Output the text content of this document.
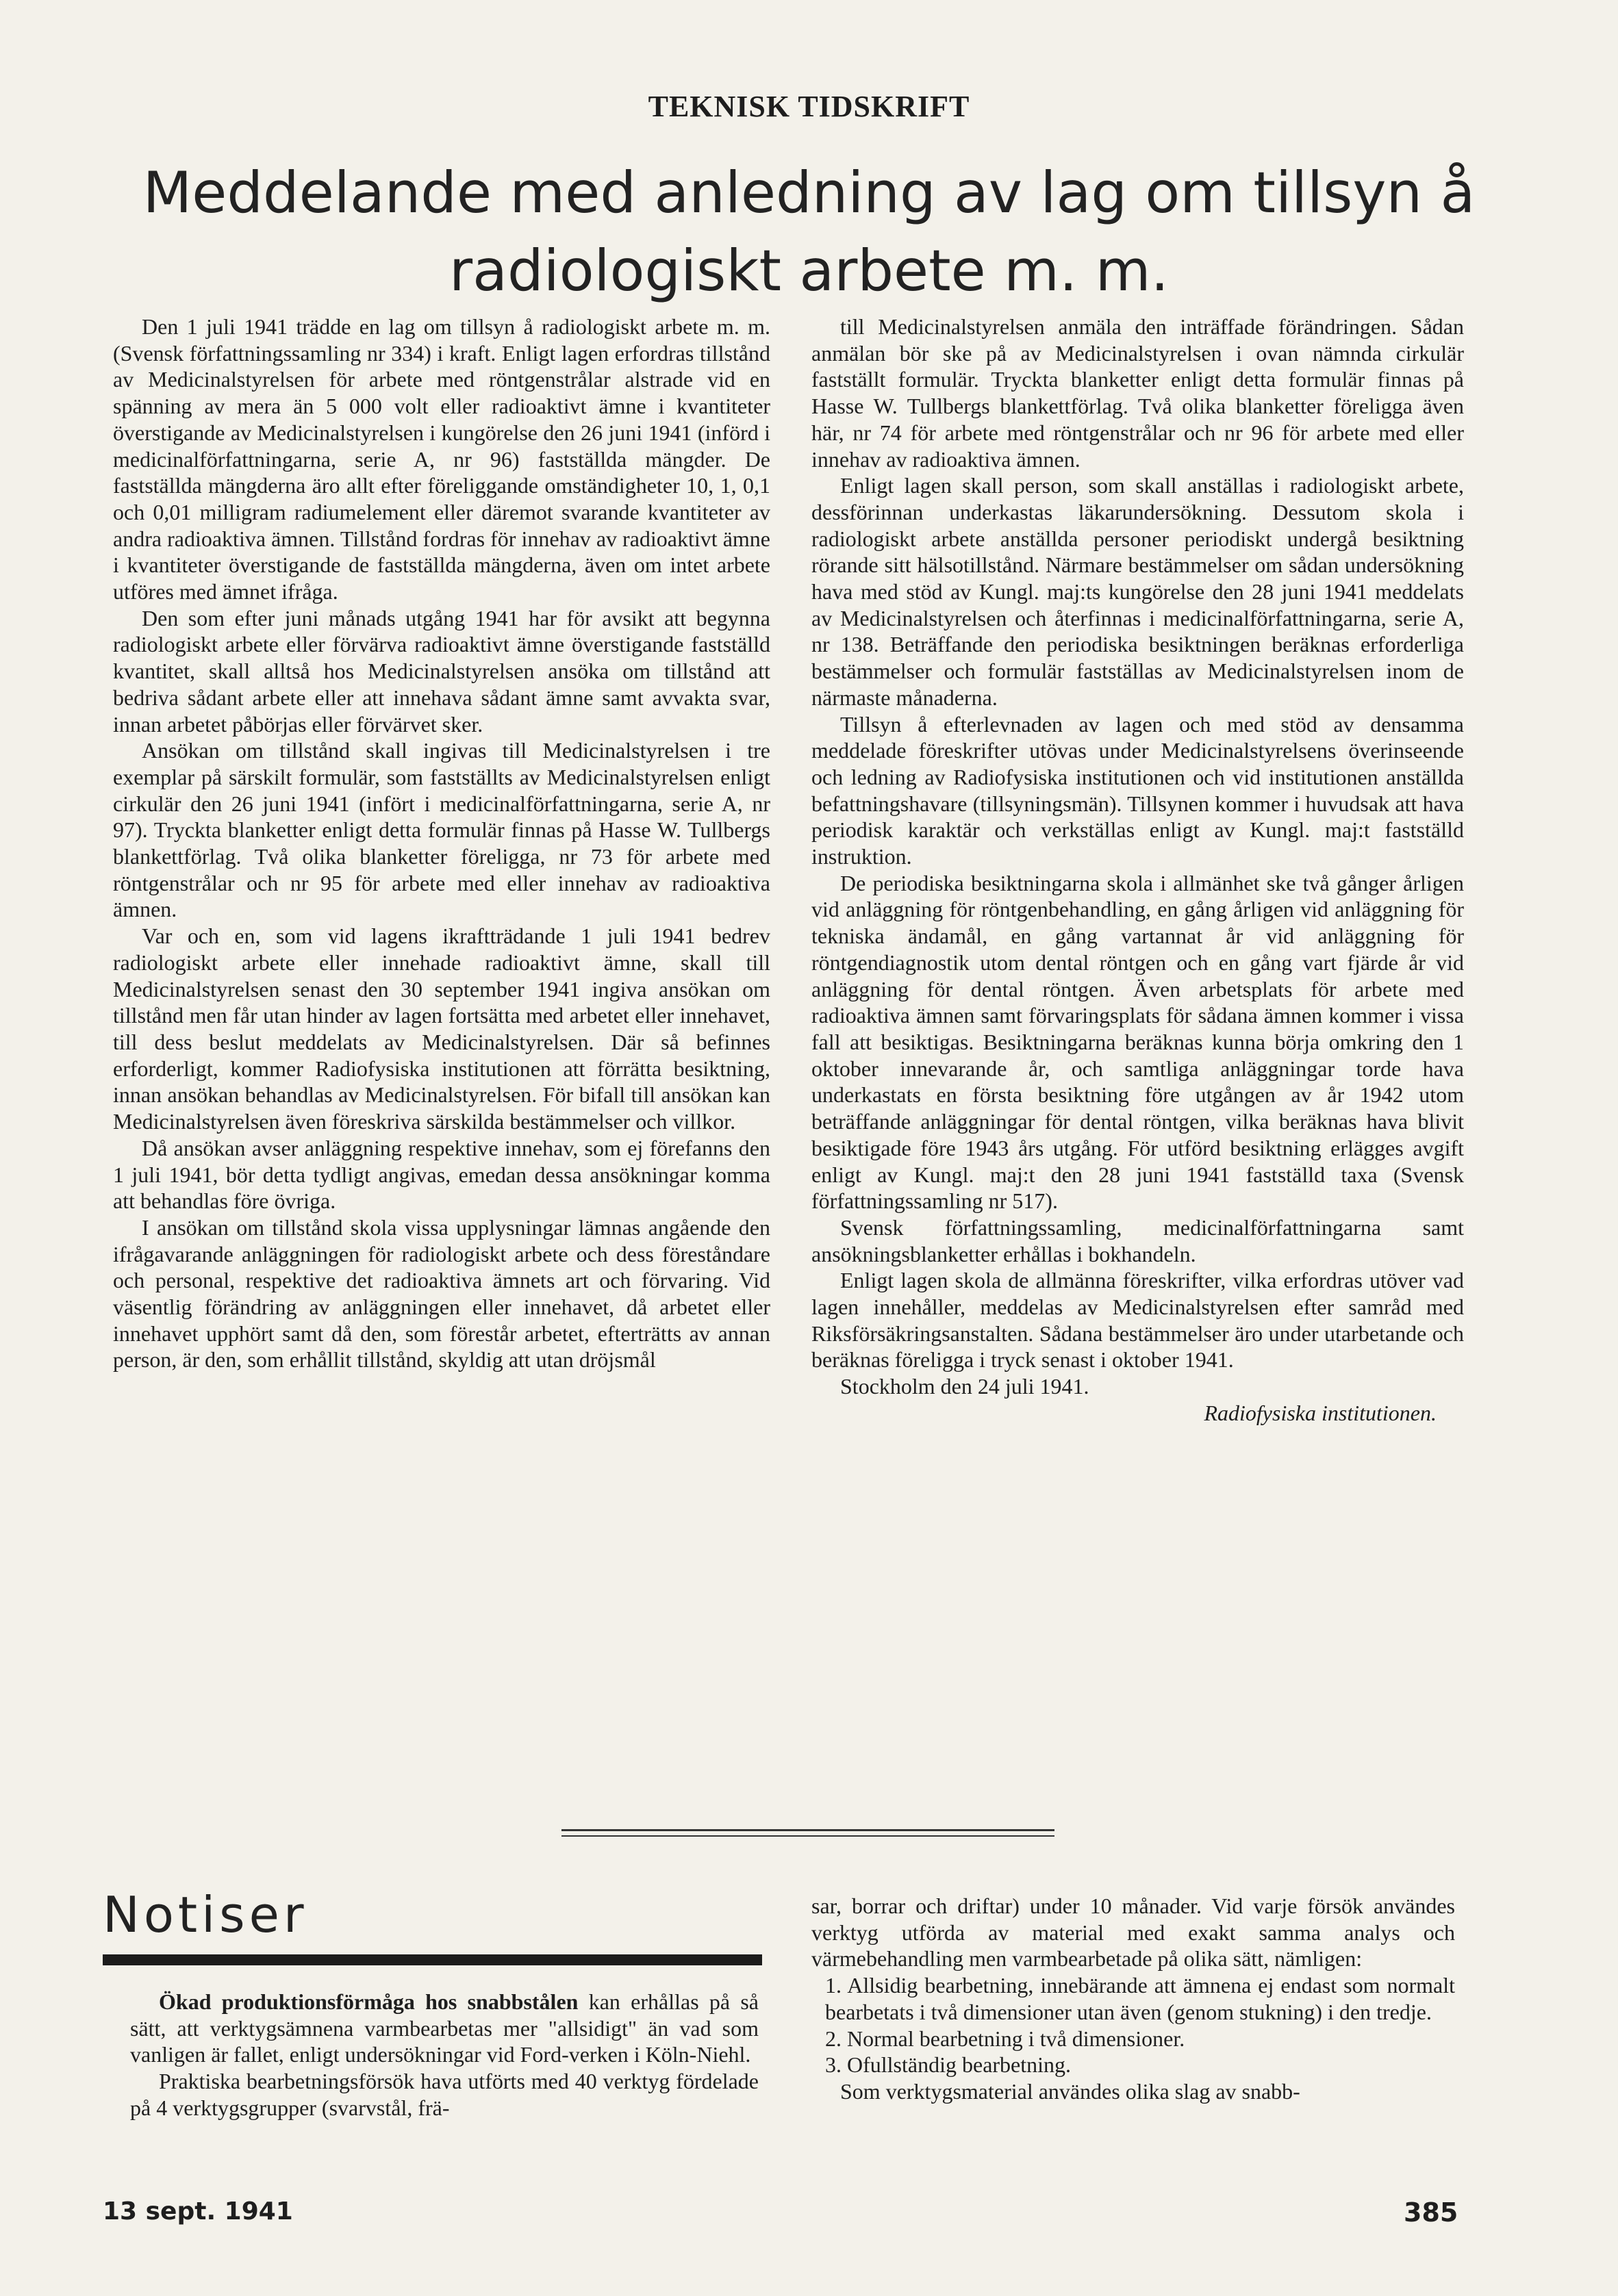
TEKNISK TIDSKRIFT
Meddelande med anledning av lag om tillsyn å radiologiskt arbete m. m.

Den 1 juli 1941 trädde en lag om tillsyn å radiologiskt arbete m. m. (Svensk författningssamling nr 334) i kraft. Enligt lagen erfordras tillstånd av Medicinalstyrelsen för arbete med röntgenstrålar alstrade vid en spänning av mera än 5 000 volt eller radioaktivt ämne i kvantiteter överstigande av Medicinalstyrelsen i kungörelse den 26 juni 1941 (införd i medicinalförfattningarna, serie A, nr 96) fastställda mängder. De fastställda mängderna äro allt efter föreliggande omständigheter 10, 1, 0,1 och 0,01 milligram radiumelement eller däremot svarande kvantiteter av andra radioaktiva ämnen. Tillstånd fordras för innehav av radioaktivt ämne i kvantiteter överstigande de fastställda mängderna, även om intet arbete utföres med ämnet ifråga.

Den som efter juni månads utgång 1941 har för avsikt att begynna radiologiskt arbete eller förvärva radioaktivt ämne överstigande fastställd kvantitet, skall alltså hos Medicinalstyrelsen ansöka om tillstånd att bedriva sådant arbete eller att innehava sådant ämne samt avvakta svar, innan arbetet påbörjas eller förvärvet sker.

Ansökan om tillstånd skall ingivas till Medicinalstyrelsen i tre exemplar på särskilt formulär, som fastställts av Medicinalstyrelsen enligt cirkulär den 26 juni 1941 (infört i medicinalförfattningarna, serie A, nr 97). Tryckta blanketter enligt detta formulär finnas på Hasse W. Tullbergs blankettförlag. Två olika blanketter föreligga, nr 73 för arbete med röntgenstrålar och nr 95 för arbete med eller innehav av radioaktiva ämnen.

Var och en, som vid lagens ikraftträdande 1 juli 1941 bedrev radiologiskt arbete eller innehade radioaktivt ämne, skall till Medicinalstyrelsen senast den 30 september 1941 ingiva ansökan om tillstånd men får utan hinder av lagen fortsätta med arbetet eller innehavet, till dess beslut meddelats av Medicinalstyrelsen. Där så befinnes erforderligt, kommer Radiofysiska institutionen att förrätta besiktning, innan ansökan behandlas av Medicinalstyrelsen. För bifall till ansökan kan Medicinalstyrelsen även föreskriva särskilda bestämmelser och villkor.

Då ansökan avser anläggning respektive innehav, som ej förefanns den 1 juli 1941, bör detta tydligt angivas, emedan dessa ansökningar komma att behandlas före övriga.

I ansökan om tillstånd skola vissa upplysningar lämnas angående den ifrågavarande anläggningen för radiologiskt arbete och dess föreståndare och personal, respektive det radioaktiva ämnets art och förvaring. Vid väsentlig förändring av anläggningen eller innehavet, då arbetet eller innehavet upphört samt då den, som förestår arbetet, efterträtts av annan person, är den, som erhållit tillstånd, skyldig att utan dröjsmål

till Medicinalstyrelsen anmäla den inträffade förändringen. Sådan anmälan bör ske på av Medicinalstyrelsen i ovan nämnda cirkulär fastställt formulär. Tryckta blanketter enligt detta formulär finnas på Hasse W. Tullbergs blankettförlag. Två olika blanketter föreligga även här, nr 74 för arbete med röntgenstrålar och nr 96 för arbete med eller innehav av radioaktiva ämnen.

Enligt lagen skall person, som skall anställas i radiologiskt arbete, dessförinnan underkastas läkarundersökning. Dessutom skola i radiologiskt arbete anställda personer periodiskt undergå besiktning rörande sitt hälsotillstånd. Närmare bestämmelser om sådan undersökning hava med stöd av Kungl. maj:ts kungörelse den 28 juni 1941 meddelats av Medicinalstyrelsen och återfinnas i medicinalförfattningarna, serie A, nr 138. Beträffande den periodiska besiktningen beräknas erforderliga bestämmelser och formulär fastställas av Medicinalstyrelsen inom de närmaste månaderna.

Tillsyn å efterlevnaden av lagen och med stöd av densamma meddelade föreskrifter utövas under Medicinalstyrelsens överinseende och ledning av Radiofysiska institutionen och vid institutionen anställda befattningshavare (tillsyningsmän). Tillsynen kommer i huvudsak att hava periodisk karaktär och verkställas enligt av Kungl. maj:t fastställd instruktion.

De periodiska besiktningarna skola i allmänhet ske två gånger årligen vid anläggning för röntgenbehandling, en gång årligen vid anläggning för tekniska ändamål, en gång vartannat år vid anläggning för röntgendiagnostik utom dental röntgen och en gång vart fjärde år vid anläggning för dental röntgen. Även arbetsplats för arbete med radioaktiva ämnen samt förvaringsplats för sådana ämnen kommer i vissa fall att besiktigas. Besiktningarna beräknas kunna börja omkring den 1 oktober innevarande år, och samtliga anläggningar torde hava underkastats en första besiktning före utgången av år 1942 utom beträffande anläggningar för dental röntgen, vilka beräknas hava blivit besiktigade före 1943 års utgång. För utförd besiktning erlägges avgift enligt av Kungl. maj:t den 28 juni 1941 fastställd taxa (Svensk författningssamling nr 517).

Svensk författningssamling, medicinalförfattningarna samt ansökningsblanketter erhållas i bokhandeln.

Enligt lagen skola de allmänna föreskrifter, vilka erfordras utöver vad lagen innehåller, meddelas av Medicinalstyrelsen efter samråd med Riksförsäkringsanstalten. Sådana bestämmelser äro under utarbetande och beräknas föreligga i tryck senast i oktober 1941.

Stockholm den 24 juli 1941.

Radiofysiska institutionen.
Notiser

Ökad produktionsförmåga hos snabbstålen kan erhållas på så sätt, att verktygsämnena varmbearbetas mer "allsidigt" än vad som vanligen är fallet, enligt undersökningar vid Ford-verken i Köln-Niehl.

Praktiska bearbetningsförsök hava utförts med 40 verktyg fördelade på 4 verktygsgrupper (svarvstål, frä-

sar, borrar och driftar) under 10 månader. Vid varje försök användes verktyg utförda av material med exakt samma analys och värmebehandling men varmbearbetade på olika sätt, nämligen:

1. Allsidig bearbetning, innebärande att ämnena ej endast som normalt bearbetats i två dimensioner utan även (genom stukning) i den tredje.

2. Normal bearbetning i två dimensioner.

3. Ofullständig bearbetning.

Som verktygsmaterial användes olika slag av snabb-

13 sept. 1941	385
